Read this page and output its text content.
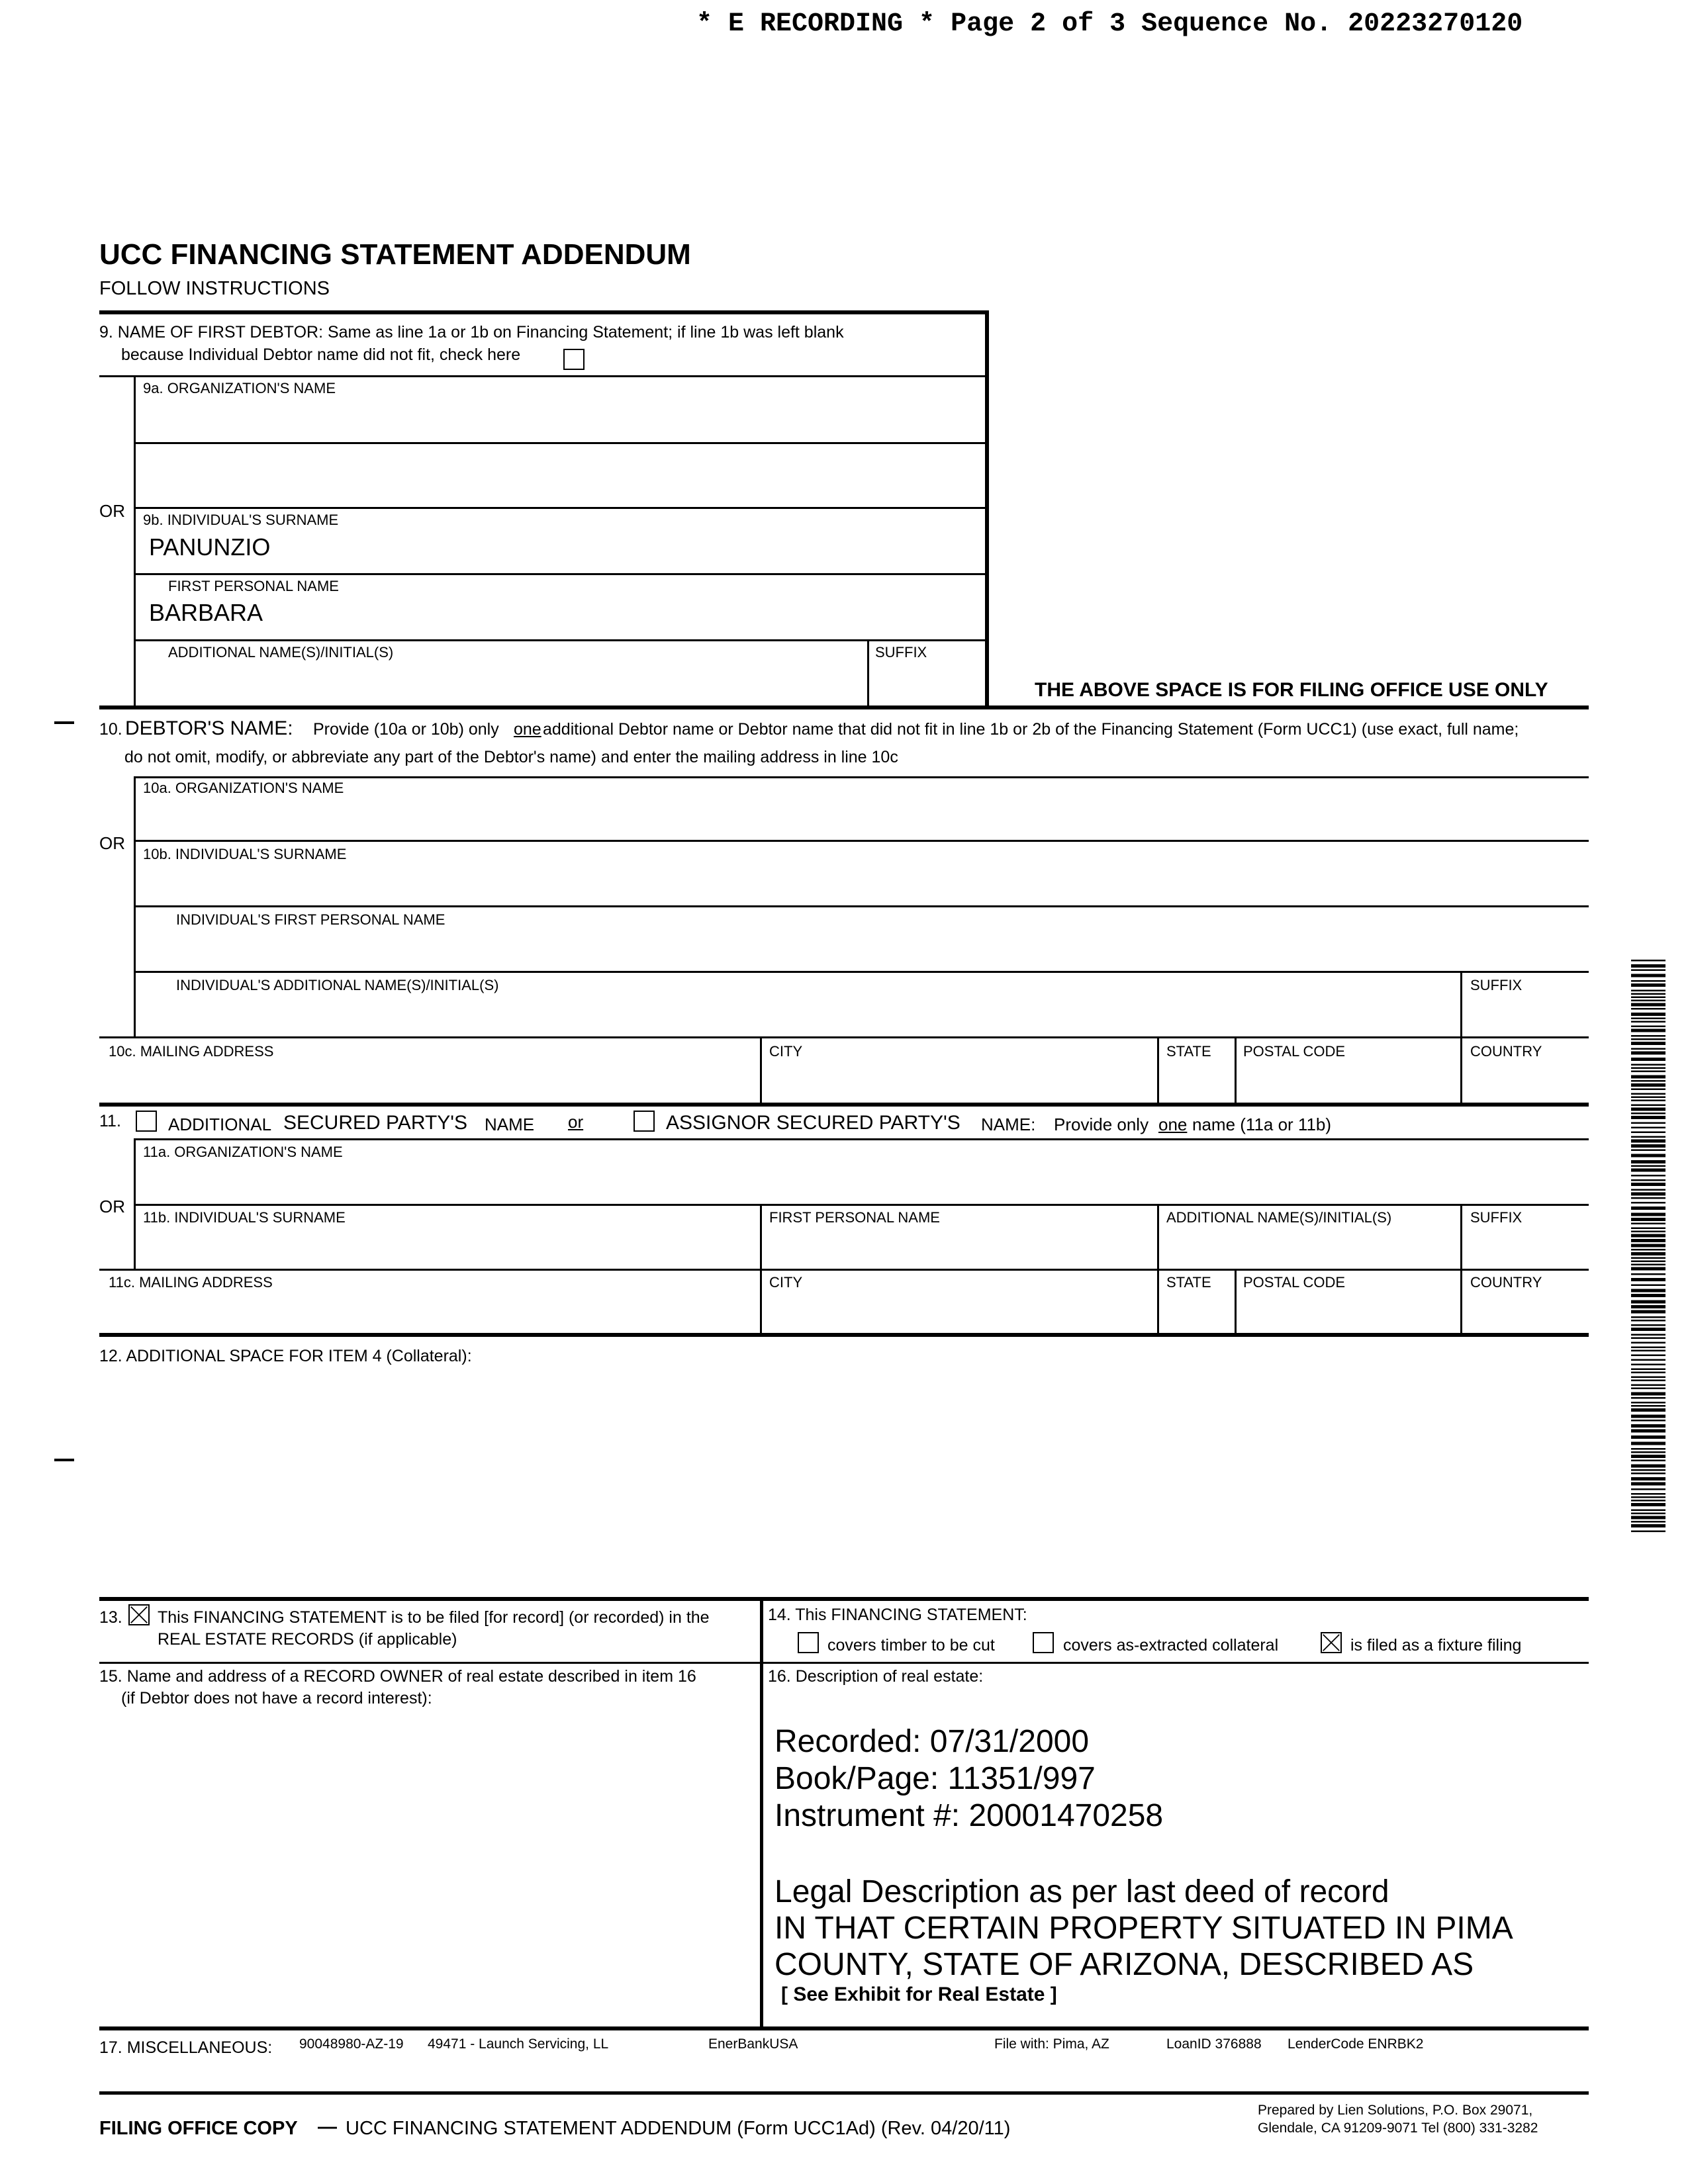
* E RECORDING * Page 2 of 3 Sequence No. 20223270120
UCC FINANCING STATEMENT ADDENDUM
FOLLOW INSTRUCTIONS
9. NAME OF FIRST DEBTOR: Same as line 1a or 1b on Financing Statement; if line 1b was left blank
because Individual Debtor name did not fit, check here
9a. ORGANIZATION'S NAME
OR 9b. INDIVIDUAL'S SURNAME
PANUNZIO
FIRST PERSONAL NAME
BARBARA
ADDITIONAL NAME(S)/INITIAL(S)	SUFFIX
THE ABOVE SPACE IS FOR FILING OFFICE USE ONLY
10. DEBTOR'S NAME: Provide (10a or 10b) only one additional Debtor name or Debtor name that did not fit in line 1b or 2b of the Financing Statement (Form UCC1) (use exact, full name;
do not omit, modify, or abbreviate any part of the Debtor's name) and enter the mailing address in line 10c
10a. ORGANIZATION'S NAME
OR
10b. INDIVIDUAL'S SURNAME
INDIVIDUAL'S FIRST PERSONAL NAME
INDIVIDUAL'S ADDITIONAL NAME(S)/INITIAL(S)	SUFFIX
10c. MAILING ADDRESS	CITY	STATE POSTAL CODE	COUNTRY
11.	ADDITIONAL SECURED PARTY'S NAME or	ASSIGNOR SECURED PARTY'S NAME: Provide only one name (11a or 11b)
11a. ORGANIZATION'S NAME
OR
11b. INDIVIDUAL'S SURNAME	FIRST PERSONAL NAME	ADDITIONAL NAME(S)/INITIAL(S)	SUFFIX
11c. MAILING ADDRESS	CITY	STATE POSTAL CODE	COUNTRY
12. ADDITIONAL SPACE FOR ITEM 4 (Collateral):
13. This FINANCING STATEMENT is to be filed [for record] (or recorded) in the
REAL ESTATE RECORDS (if applicable)
14. This FINANCING STATEMENT:
covers timber to be cut	covers as-extracted collateral	is filed as a fixture filing
15. Name and address of a RECORD OWNER of real estate described in item 16
(if Debtor does not have a record interest):
16. Description of real estate:
Recorded: 07/31/2000
Book/Page: 11351/997
Instrument #: 20001470258
Legal Description as per last deed of record
IN THAT CERTAIN PROPERTY SITUATED IN PIMA
COUNTY, STATE OF ARIZONA, DESCRIBED AS
[ See Exhibit for Real Estate ]
17. MISCELLANEOUS: 90048980-AZ-19 49471 - Launch Servicing, LL	EnerBankUSA	File with: Pima, AZ	LoanID 376888 LenderCode ENRBK2
FILING OFFICE COPY — UCC FINANCING STATEMENT ADDENDUM (Form UCC1Ad) (Rev. 04/20/11)
Prepared by Lien Solutions, P.O. Box 29071,
Glendale, CA 91209-9071 Tel (800) 331-3282
